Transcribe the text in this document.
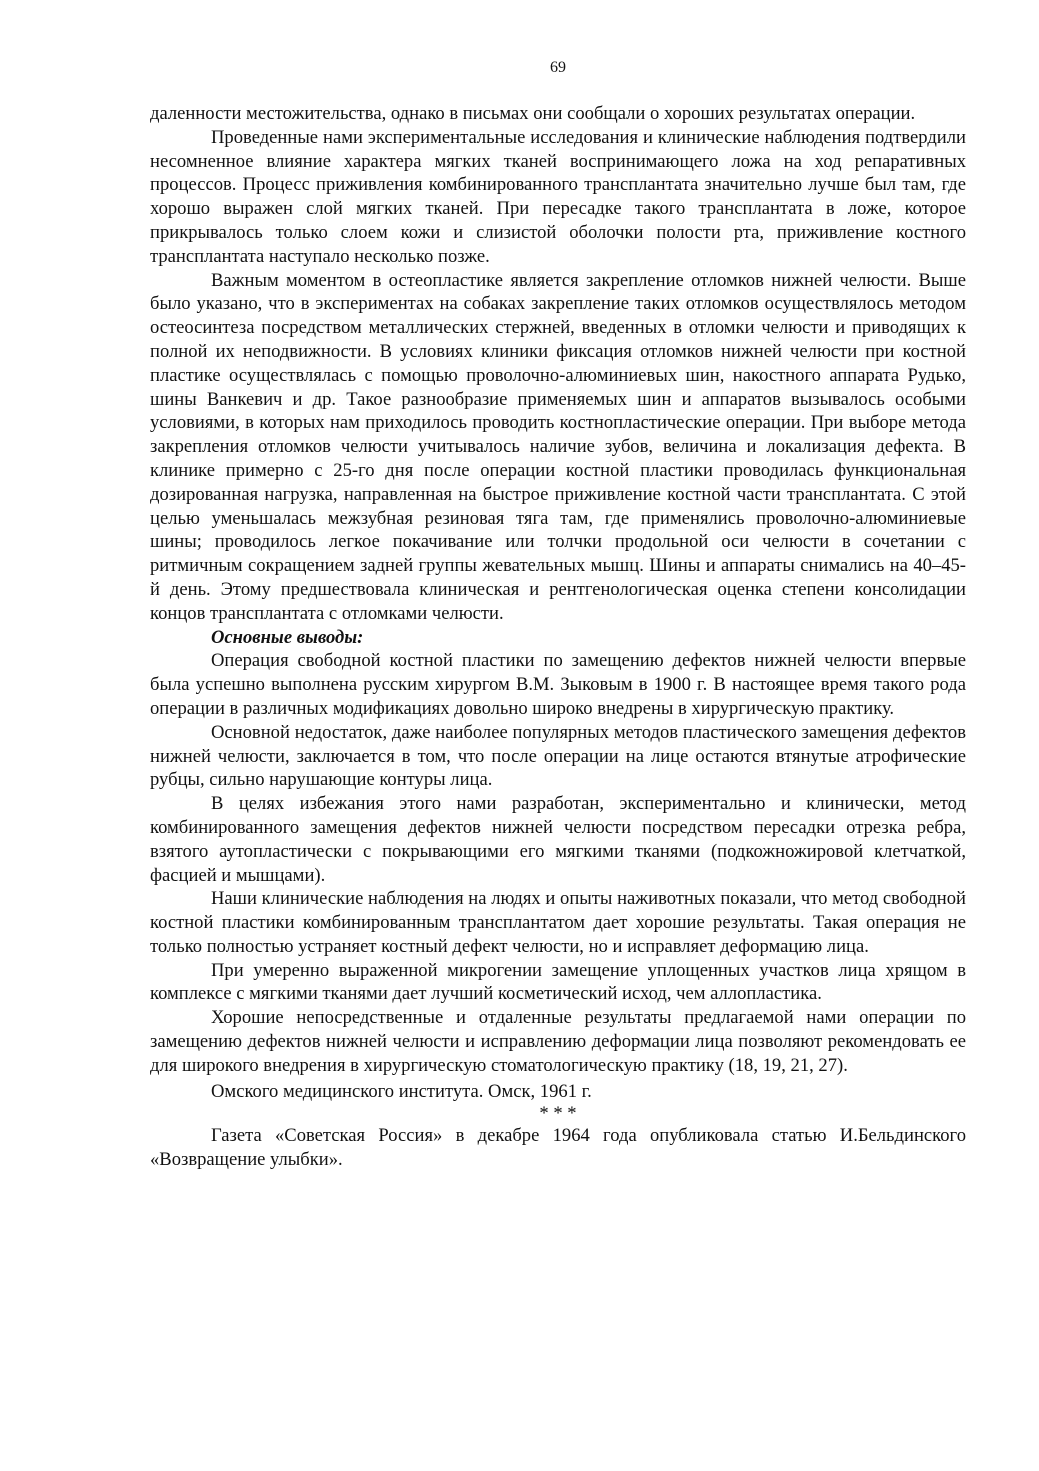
69

даленности местожительства, однако в письмах они сообщали о хороших результатах операции.

Проведенные нами экспериментальные исследования и клинические наблюдения подтвердили несомненное влияние характера мягких тканей воспринимающего ложа на ход репаративных процессов. Процесс приживления комбинированного трансплантата значительно лучше был там, где хорошо выражен слой мягких тканей. При пересадке такого трансплантата в ложе, которое прикрывалось только слоем кожи и слизистой оболочки полости рта, приживление костного трансплантата наступало несколько позже.

Важным моментом в остеопластике является закрепление отломков нижней челюсти. Выше было указано, что в экспериментах на собаках закрепление таких отломков осуществлялось методом остеосинтеза посредством металлических стержней, введенных в отломки челюсти и приводящих к полной их неподвижности. В условиях клиники фиксация отломков нижней челюсти при костной пластике осуществлялась с помощью проволочно-алюминиевых шин, накостного аппарата Рудько, шины Ванкевич и др. Такое разнообразие применяемых шин и аппаратов вызывалось особыми условиями, в которых нам приходилось проводить костнопластические операции. При выборе метода закрепления отломков челюсти учитывалось наличие зубов, величина и локализация дефекта. В клинике примерно с 25-го дня после операции костной пластики проводилась функциональная дозированная нагрузка, направленная на быстрое приживление костной части трансплантата. С этой целью уменьшалась межзубная резиновая тяга там, где применялись проволочно-алюминиевые шины; проводилось легкое покачивание или толчки продольной оси челюсти в сочетании с ритмичным сокращением задней группы жевательных мышц. Шины и аппараты снимались на 40–45-й день. Этому предшествовала клиническая и рентгенологическая оценка степени консолидации концов трансплантата с отломками челюсти.

Основные выводы:

Операция свободной костной пластики по замещению дефектов нижней челюсти впервые была успешно выполнена русским хирургом В.М. Зыковым в 1900 г. В настоящее время такого рода операции в различных модификациях довольно широко внедрены в хирургическую практику.

Основной недостаток, даже наиболее популярных методов пластического замещения дефектов нижней челюсти, заключается в том, что после операции на лице остаются втянутые атрофические рубцы, сильно нарушающие контуры лица.

В целях избежания этого нами разработан, экспериментально и клинически, метод комбинированного замещения дефектов нижней челюсти посредством пересадки отрезка ребра, взятого аутопластически с покрывающими его мягкими тканями (подкожножировой клетчаткой, фасцией и мышцами).

Наши клинические наблюдения на людях и опыты наживотных показали, что метод свободной костной пластики комбинированным трансплантатом дает хорошие результаты. Такая операция не только полностью устраняет костный дефект челюсти, но и исправляет деформацию лица.

При умеренно выраженной микрогении замещение уплощенных участков лица хрящом в комплексе с мягкими тканями дает лучший косметический исход, чем аллопластика.

Хорошие непосредственные и отдаленные результаты предлагаемой нами операции по замещению дефектов нижней челюсти и исправлению деформации лица позволяют рекомендовать ее для широкого внедрения в хирургическую стоматологическую практику (18, 19, 21, 27).

Омского медицинского института. Омск, 1961 г.

* * *

Газета «Советская Россия» в декабре 1964 года опубликовала статью И.Бельдинского «Возвращение улыбки».
